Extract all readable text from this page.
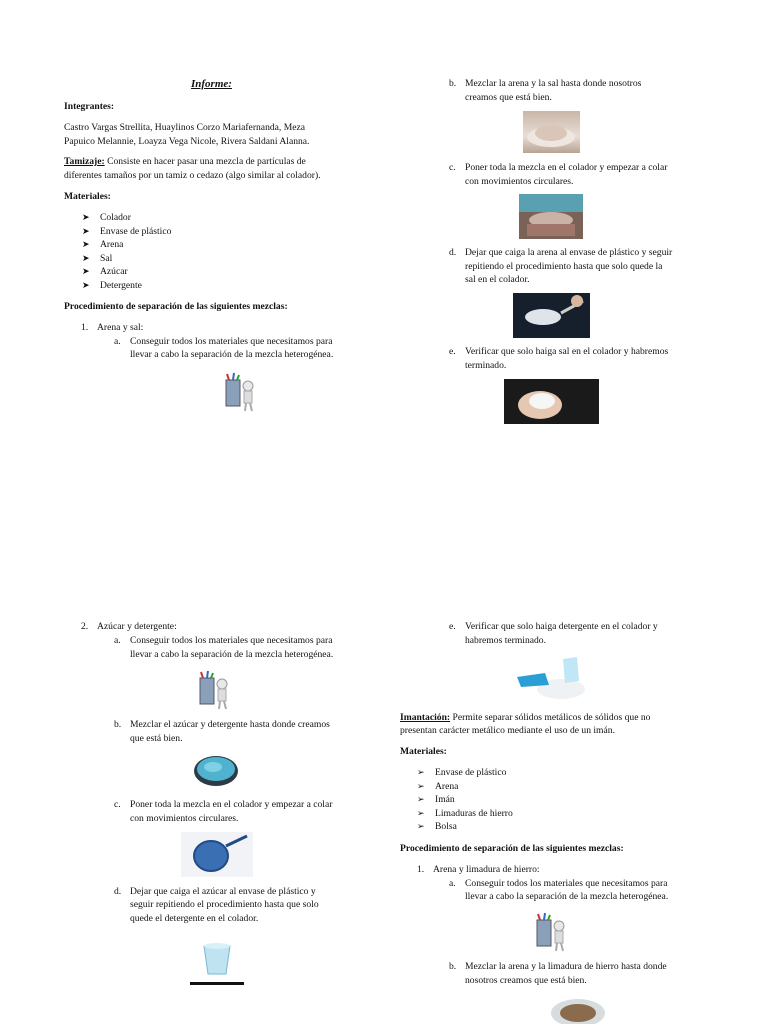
Informe:
Integrantes:
Castro Vargas Strellita, Huaylinos Corzo Mariafernanda, Meza
Papuico Melannie, Loayza Vega Nicole, Rivera Saldani Alanna.
Tamizaje: Consiste en hacer pasar una mezcla de partículas de
diferentes tamaños por un tamiz o cedazo (algo similar al colador).
Materiales:
➤ Colador
➤ Envase de plástico
➤ Arena
➤ Sal
➤ Azúcar
➤ Detergente
Procedimiento de separación de las siguientes mezclas:
1. Arena y sal:
a. Conseguir todos los materiales que necesitamos para
llevar a cabo la separación de la mezcla heterogénea.
b. Mezclar la arena y la sal hasta donde nosotros
creamos que está bien.
c. Poner toda la mezcla en el colador y empezar a colar
con movimientos circulares.
d. Dejar que caiga la arena al envase de plástico y seguir
repitiendo el procedimiento hasta que solo quede la
sal en el colador.
e. Verificar que solo haiga sal en el colador y habremos
terminado.
2. Azúcar y detergente:
a. Conseguir todos los materiales que necesitamos para
llevar a cabo la separación de la mezcla heterogénea.
b. Mezclar el azúcar y detergente hasta donde creamos
que está bien.
c. Poner toda la mezcla en el colador y empezar a colar
con movimientos circulares.
d. Dejar que caiga el azúcar al envase de plástico y
seguir repitiendo el procedimiento hasta que solo
quede el detergente en el colador.
e. Verificar que solo haiga detergente en el colador y
habremos terminado.
Imantación: Permite separar sólidos metálicos de sólidos que no
presentan carácter metálico mediante el uso de un imán.
Materiales:
➢ Envase de plástico
➢ Arena
➢ Imán
➢ Limaduras de hierro
➢ Bolsa
Procedimiento de separación de las siguientes mezclas:
1. Arena y limadura de hierro:
a. Conseguir todos los materiales que necesitamos para
llevar a cabo la separación de la mezcla heterogénea.
b. Mezclar la arena y la limadura de hierro hasta donde
nosotros creamos que está bien.
